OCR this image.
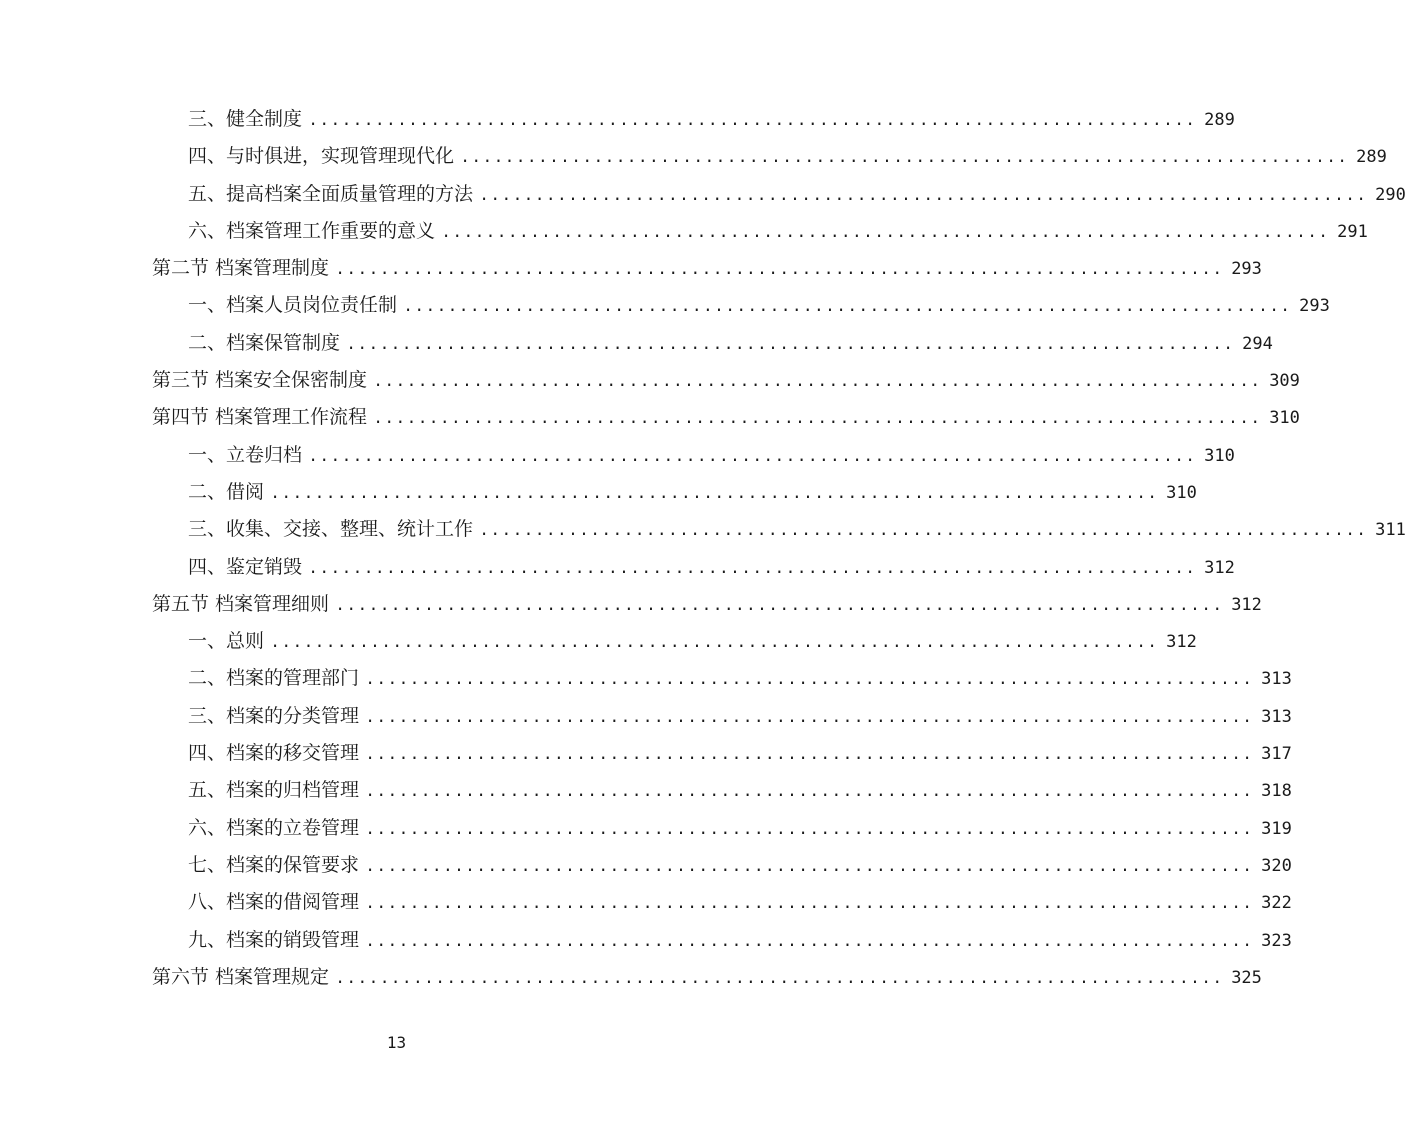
三、健全制度 ................................................................................ 289
四、与时俱进，实现管理现代化 ................................................................................ 289
五、提高档案全面质量管理的方法 ................................................................................ 290
六、档案管理工作重要的意义 ................................................................................ 291
第二节 档案管理制度 ................................................................................ 293
一、档案人员岗位责任制 ................................................................................ 293
二、档案保管制度 ................................................................................ 294
第三节 档案安全保密制度 ................................................................................ 309
第四节 档案管理工作流程 ................................................................................ 310
一、立卷归档 ................................................................................ 310
二、借阅 ................................................................................ 310
三、收集、交接、整理、统计工作 ................................................................................ 311
四、鉴定销毁 ................................................................................ 312
第五节 档案管理细则 ................................................................................ 312
一、总则 ................................................................................ 312
二、档案的管理部门 ................................................................................ 313
三、档案的分类管理 ................................................................................ 313
四、档案的移交管理 ................................................................................ 317
五、档案的归档管理 ................................................................................ 318
六、档案的立卷管理 ................................................................................ 319
七、档案的保管要求 ................................................................................ 320
八、档案的借阅管理 ................................................................................ 322
九、档案的销毁管理 ................................................................................ 323
第六节 档案管理规定 ................................................................................ 325
13
